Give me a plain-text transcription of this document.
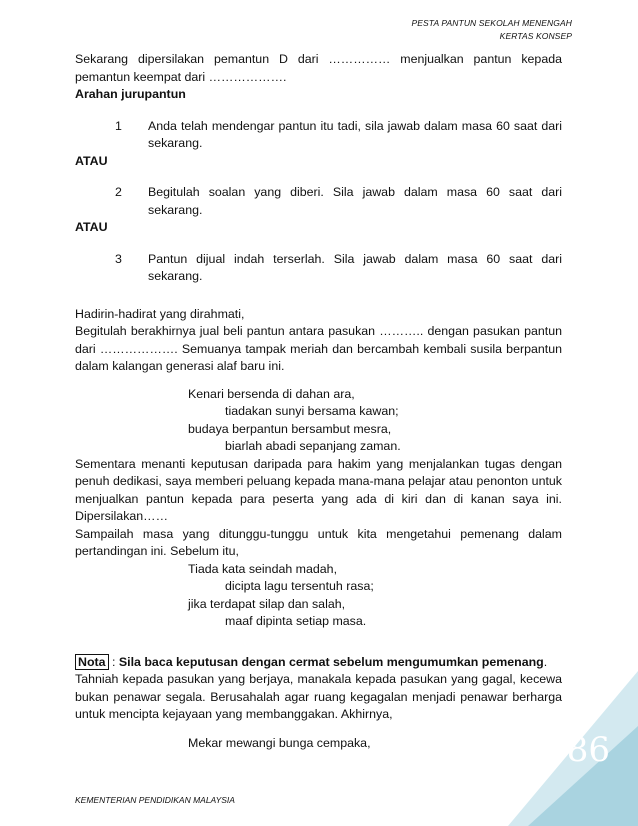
PESTA PANTUN SEKOLAH MENENGAH
KERTAS KONSEP

Sekarang dipersilakan pemantun D dari …………… menjualkan pantun kepada pemantun keempat dari ……………….

Arahan jurupantun

1	Anda telah mendengar pantun itu tadi, sila jawab dalam masa 60 saat dari sekarang.

ATAU

2	Begitulah soalan yang diberi. Sila jawab dalam masa 60 saat dari sekarang.

ATAU

3	Pantun dijual indah terserlah. Sila jawab dalam masa 60 saat dari sekarang.

Hadirin-hadirat yang dirahmati,

Begitulah berakhirnya jual beli pantun antara pasukan ……….. dengan pasukan pantun dari ………………. Semuanya tampak meriah dan bercambah kembali susila berpantun dalam kalangan generasi alaf baru ini.

Kenari bersenda di dahan ara,
tiadakan sunyi bersama kawan;
budaya berpantun bersambut mesra,
biarlah abadi sepanjang zaman.

Sementara menanti keputusan daripada para hakim yang menjalankan tugas dengan penuh dedikasi, saya memberi peluang kepada mana-mana pelajar atau penonton untuk menjualkan pantun kepada para peserta yang ada di kiri dan di kanan saya ini. Dipersilakan……

Sampailah masa yang ditunggu-tunggu untuk kita mengetahui pemenang dalam pertandingan ini. Sebelum itu,

Tiada kata seindah madah,
dicipta lagu tersentuh rasa;
jika terdapat silap dan salah,
maaf dipinta setiap masa.

Nota : Sila baca keputusan dengan cermat sebelum mengumumkan pemenang.

Tahniah kepada pasukan yang berjaya, manakala kepada pasukan yang gagal, kecewa bukan penawar segala. Berusahalah agar ruang kegagalan menjadi penawar berharga untuk mencipta kejayaan yang membanggakan. Akhirnya,

Mekar mewangi bunga cempaka,
KEMENTERIAN PENDIDIKAN MALAYSIA
86
